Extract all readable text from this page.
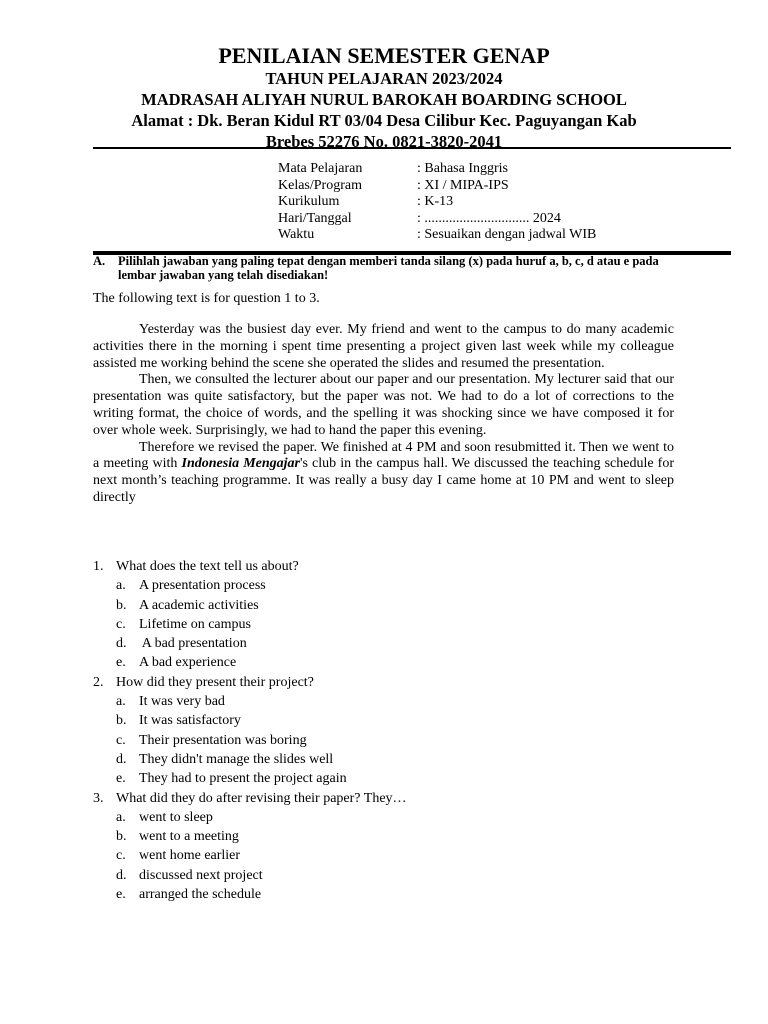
PENILAIAN SEMESTER GENAP
TAHUN PELAJARAN 2023/2024
MADRASAH ALIYAH NURUL BAROKAH BOARDING SCHOOL
Alamat : Dk. Beran Kidul RT 03/04 Desa Cilibur Kec. Paguyangan Kab
Brebes 52276 No. 0821-3820-2041
Mata Pelajaran	: Bahasa Inggris
Kelas/Program	: XI / MIPA-IPS
Kurikulum	: K-13
Hari/Tanggal	: .............................. 2024
Waktu	: Sesuaikan dengan jadwal WIB
A. Pilihlah jawaban yang paling tepat dengan memberi tanda silang (x) pada huruf a, b, c, d atau e pada lembar jawaban yang telah disediakan!
The following text is for question 1 to 3.

Yesterday was the busiest day ever. My friend and went to the campus to do many academic activities there in the morning i spent time presenting a project given last week while my colleague assisted me working behind the scene she operated the slides and resumed the presentation.

Then, we consulted the lecturer about our paper and our presentation. My lecturer said that our presentation was quite satisfactory, but the paper was not. We had to do a lot of corrections to the writing format, the choice of words, and the spelling it was shocking since we have composed it for over whole week. Surprisingly, we had to hand the paper this evening.

Therefore we revised the paper. We finished at 4 PM and soon resubmitted it. Then we went to a meeting with Indonesia Mengajar's club in the campus hall. We discussed the teaching schedule for next month’s teaching programme. It was really a busy day I came home at 10 PM and went to sleep directly

1. What does the text tell us about?
a. A presentation process
b. A academic activities
c. Lifetime on campus
d. A bad presentation
e. A bad experience
2. How did they present their project?
a. It was very bad
b. It was satisfactory
c. Their presentation was boring
d. They didn't manage the slides well
e. They had to present the project again
3. What did they do after revising their paper? They…
a. went to sleep
b. went to a meeting
c. went home earlier
d. discussed next project
e. arranged the schedule
